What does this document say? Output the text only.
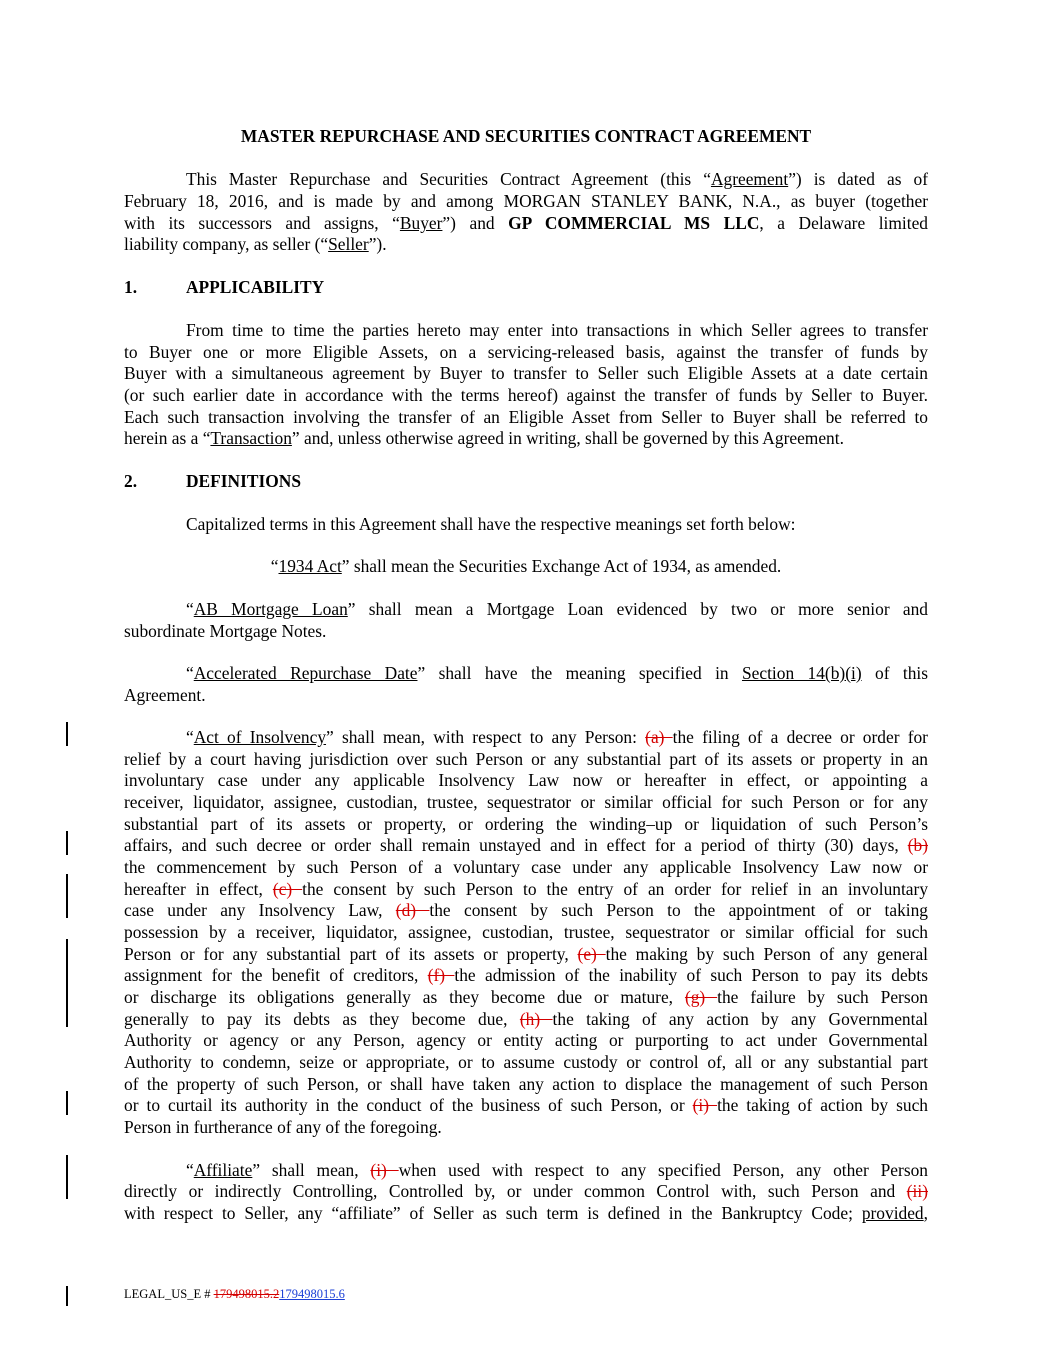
MASTER REPURCHASE AND SECURITIES CONTRACT AGREEMENT
This Master Repurchase and Securities Contract Agreement (this “Agreement”) is dated as of
February 18, 2016, and is made by and among MORGAN STANLEY BANK, N.A., as buyer (together
with its successors and assigns, “Buyer”) and GP COMMERCIAL MS LLC, a Delaware limited
liability company, as seller (“Seller”).
1.	APPLICABILITY
From time to time the parties hereto may enter into transactions in which Seller agrees to transfer
to Buyer one or more Eligible Assets, on a servicing-released basis, against the transfer of funds by
Buyer with a simultaneous agreement by Buyer to transfer to Seller such Eligible Assets at a date certain
(or such earlier date in accordance with the terms hereof) against the transfer of funds by Seller to Buyer.
Each such transaction involving the transfer of an Eligible Asset from Seller to Buyer shall be referred to
herein as a “Transaction” and, unless otherwise agreed in writing, shall be governed by this Agreement.
2.	DEFINITIONS
Capitalized terms in this Agreement shall have the respective meanings set forth below:
“1934 Act” shall mean the Securities Exchange Act of 1934, as amended.
“AB Mortgage Loan” shall mean a Mortgage Loan evidenced by two or more senior and
subordinate Mortgage Notes.
“Accelerated Repurchase Date” shall have the meaning specified in Section 14(b)(i) of this
Agreement.
“Act of Insolvency” shall mean, with respect to any Person: (a) the filing of a decree or order for
relief by a court having jurisdiction over such Person or any substantial part of its assets or property in an
involuntary case under any applicable Insolvency Law now or hereafter in effect, or appointing a
receiver, liquidator, assignee, custodian, trustee, sequestrator or similar official for such Person or for any
substantial part of its assets or property, or ordering the winding–up or liquidation of such Person’s
affairs, and such decree or order shall remain unstayed and in effect for a period of thirty (30) days, (b)
the commencement by such Person of a voluntary case under any applicable Insolvency Law now or
hereafter in effect, (c) the consent by such Person to the entry of an order for relief in an involuntary
case under any Insolvency Law, (d) the consent by such Person to the appointment of or taking
possession by a receiver, liquidator, assignee, custodian, trustee, sequestrator or similar official for such
Person or for any substantial part of its assets or property, (e) the making by such Person of any general
assignment for the benefit of creditors, (f) the admission of the inability of such Person to pay its debts
or discharge its obligations generally as they become due or mature, (g) the failure by such Person
generally to pay its debts as they become due, (h) the taking of any action by any Governmental
Authority or agency or any Person, agency or entity acting or purporting to act under Governmental
Authority to condemn, seize or appropriate, or to assume custody or control of, all or any substantial part
of the property of such Person, or shall have taken any action to displace the management of such Person
or to curtail its authority in the conduct of the business of such Person, or (i) the taking of action by such
Person in furtherance of any of the foregoing.
“Affiliate” shall mean, (i) when used with respect to any specified Person, any other Person
directly or indirectly Controlling, Controlled by, or under common Control with, such Person and (ii)
with respect to Seller, any “affiliate” of Seller as such term is defined in the Bankruptcy Code; provided,
LEGAL_US_E # 179498015.2179498015.6
